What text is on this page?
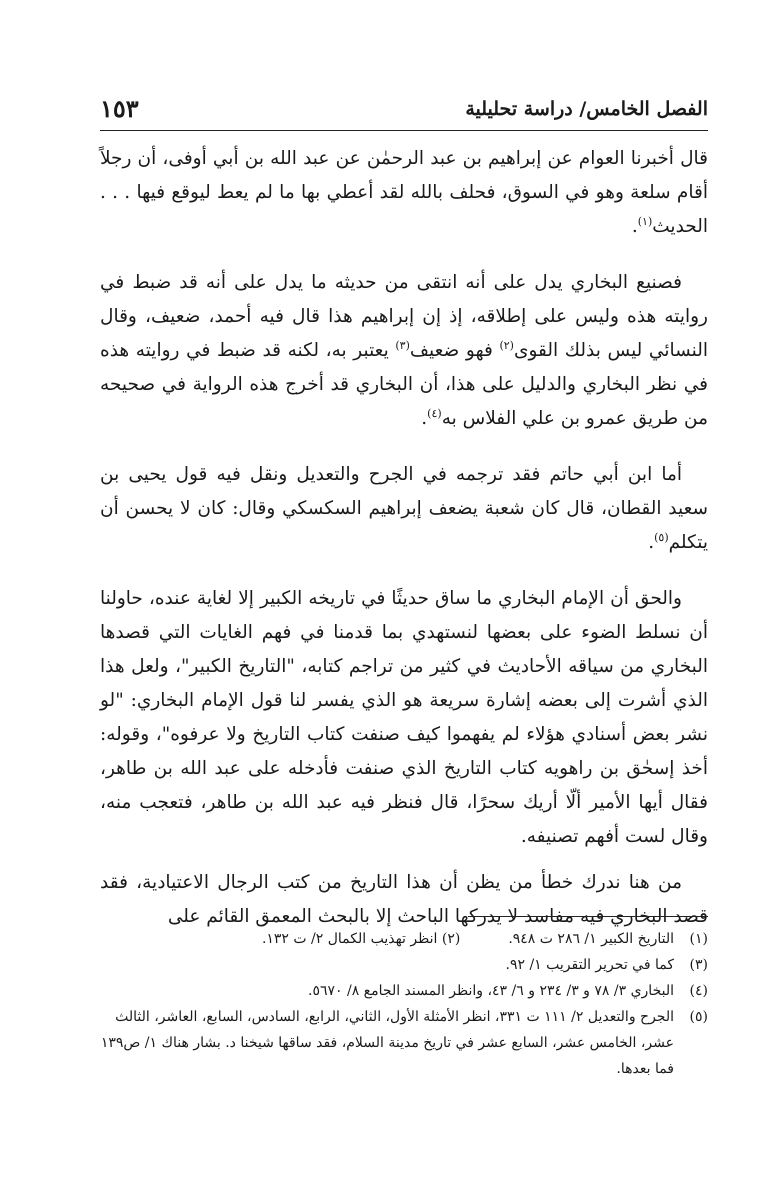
الفصل الخامس/ دراسة تحليلية
١٥٣

قال أخبرنا العوام عن إبراهيم بن عبد الرحمٰن عن عبد الله بن أبي أوفى، أن رجلاً أقام سلعة وهو في السوق، فحلف بالله لقد أعطي بها ما لم يعط ليوقع فيها . . . الحديث$^{(١)}$.

فصنيع البخاري يدل على أنه انتقى من حديثه ما يدل على أنه قد ضبط في روايته هذه وليس على إطلاقه، إذ إن إبراهيم هذا قال فيه أحمد، ضعيف، وقال النسائي ليس بذلك القوى$^{(٢)}$ فهو ضعيف$^{(٣)}$ يعتبر به، لكنه قد ضبط في روايته هذه في نظر البخاري والدليل على هذا، أن البخاري قد أخرج هذه الرواية في صحيحه من طريق عمرو بن علي الفلاس به$^{(٤)}$.

أما ابن أبي حاتم فقد ترجمه في الجرح والتعديل ونقل فيه قول يحيى بن سعيد القطان، قال كان شعبة يضعف إبراهيم السكسكي وقال: كان لا يحسن أن يتكلم$^{(٥)}$.

والحق أن الإمام البخاري ما ساق حديثًا في تاريخه الكبير إلا لغاية عنده، حاولنا أن نسلط الضوء على بعضها لنستهدي بما قدمنا في فهم الغايات التي قصدها البخاري من سياقه الأحاديث في كثير من تراجم كتابه، "التاريخ الكبير"، ولعل هذا الذي أشرت إلى بعضه إشارة سريعة هو الذي يفسر لنا قول الإمام البخاري: "لو نشر بعض أسنادي هؤلاء لم يفهموا كيف صنفت كتاب التاريخ ولا عرفوه"، وقوله: أخذ إسحٰق بن راهويه كتاب التاريخ الذي صنفت فأدخله على عبد الله بن طاهر، فقال أيها الأمير ألّا أريك سحرًا، قال فنظر فيه عبد الله بن طاهر، فتعجب منه، وقال لست أفهم تصنيفه.

من هنا ندرك خطأ من يظن أن هذا التاريخ من كتب الرجال الاعتيادية، فقد قصد البخاري فيه مفاسد لا يدركها الباحث إلا بالبحث المعمق القائم على

(١)
التاريخ الكبير ١/ ٢٨٦ ت ٩٤٨.(٢) انظر تهذيب الكمال ٢/ ت ١٣٢.
(٣)
كما في تحرير التقريب ١/ ٩٢.
(٤)
البخاري ٣/ ٧٨ و ٣/ ٢٣٤ و ٦/ ٤٣، وانظر المسند الجامع ٨/ ٥٦٧٠.
(٥)
الجرح والتعديل ٢/ ١١١ ت ٣٣١، انظر الأمثلة الأول، الثاني، الرابع، السادس، السابع، العاشر، الثالث عشر، الخامس عشر، السابع عشر في تاريخ مدينة السلام، فقد ساقها شيخنا د. بشار هناك ١/ ص١٣٩ فما بعدها.
